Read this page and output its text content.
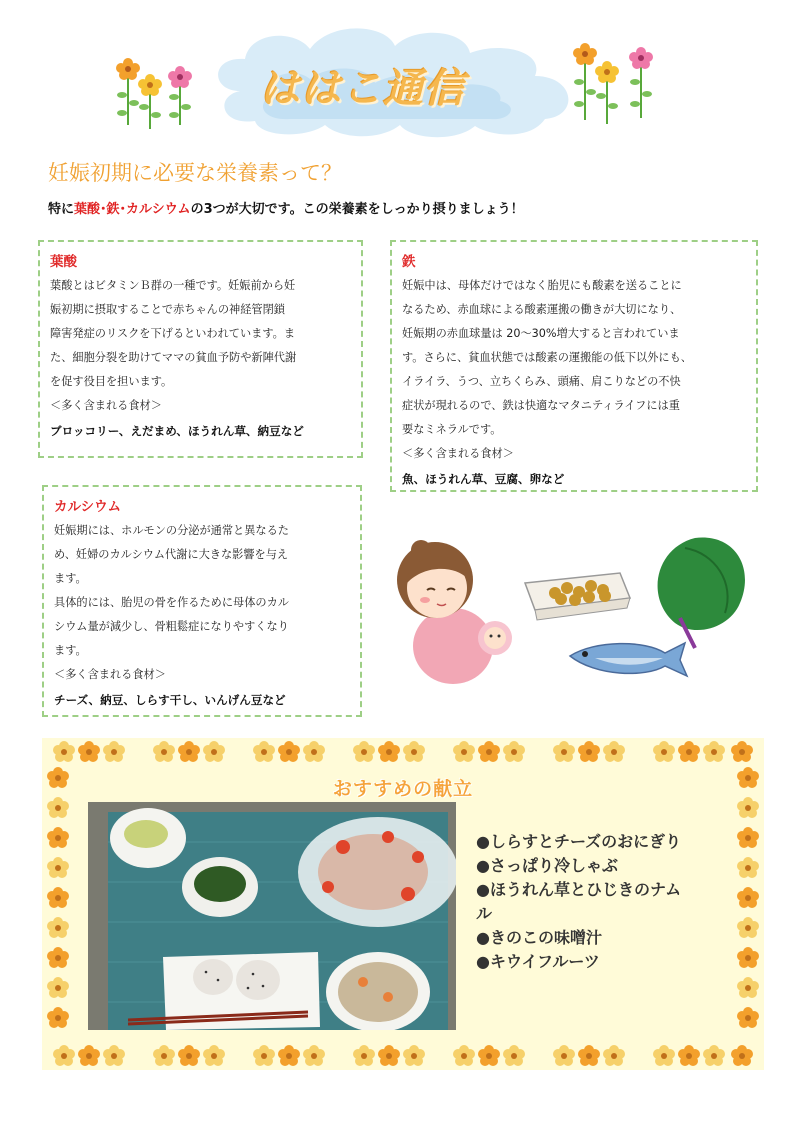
ははこ通信
妊娠初期に必要な栄養素って？
特に葉酸･鉄･カルシウムの3つが大切です。この栄養素をしっかり摂りましょう！
葉酸
葉酸とはビタミンＢ群の一種です。妊娠前から妊
娠初期に摂取することで赤ちゃんの神経管閉鎖
障害発症のリスクを下げるといわれています。ま
た、細胞分裂を助けてママの貧血予防や新陣代謝
を促す役目を担います。
＜多く含まれる食材＞
ブロッコリー、えだまめ、ほうれん草、納豆など
鉄
妊娠中は、母体だけではなく胎児にも酸素を送ることに
なるため、赤血球による酸素運搬の働きが大切になり、
妊娠期の赤血球量は 20～30%増大すると言われていま
す。さらに、貧血状態では酸素の運搬能の低下以外にも、
イライラ、うつ、立ちくらみ、頭痛、肩こりなどの不快
症状が現れるので、鉄は快適なマタニティライフには重
要なミネラルです。
＜多く含まれる食材＞
魚、ほうれん草、豆腐、卵など
カルシウム
妊娠期には、ホルモンの分泌が通常と異なるた
め、妊婦のカルシウム代謝に大きな影響を与え
ます。
具体的には、胎児の骨を作るために母体のカル
シウム量が減少し、骨粗鬆症になりやすくなり
ます。
＜多く含まれる食材＞
チーズ、納豆、しらす干し、いんげん豆など
おすすめの献立
●しらすとチーズのおにぎり
●さっぱり冷しゃぶ
●ほうれん草とひじきのナム
ル
●きのこの味噌汁
●キウイフルーツ
